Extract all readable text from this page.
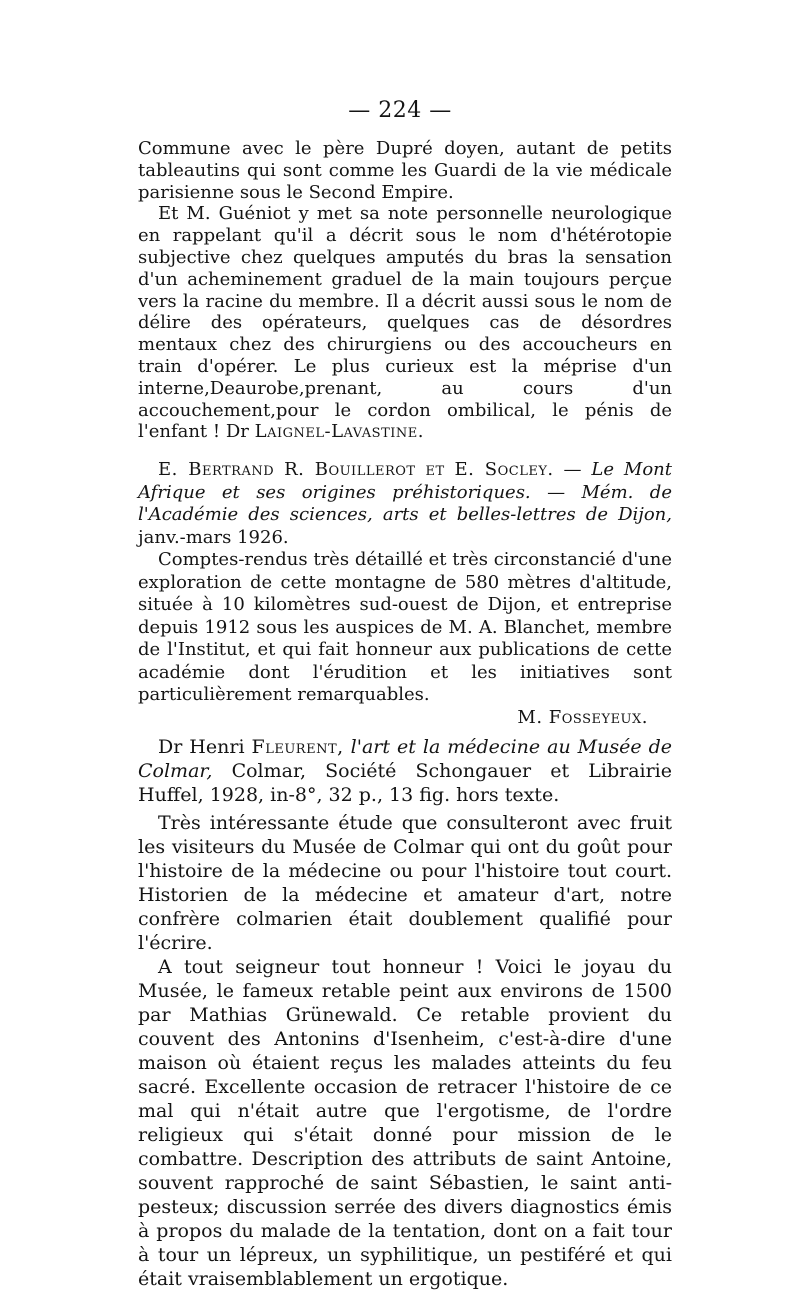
— 224 —

Commune avec le père Dupré doyen, autant de petits tableautins qui sont comme les Guardi de la vie médicale parisienne sous le Second Empire.

Et M. Guéniot y met sa note personnelle neurologique en rappelant qu'il a décrit sous le nom d'hétérotopie subjective chez quelques amputés du bras la sensation d'un acheminement graduel de la main toujours perçue vers la racine du membre. Il a décrit aussi sous le nom de délire des opérateurs, quelques cas de désordres mentaux chez des chirurgiens ou des accoucheurs en train d'opérer. Le plus curieux est la méprise d'un interne,Deaurobe,prenant, au cours d'un accouchement,pour le cordon ombilical, le pénis de l'enfant ! Dr Laignel-Lavastine.

E. Bertrand R. Bouillerot et E. Socley. — Le Mont Afrique et ses origines préhistoriques. — Mém. de l'Académie des sciences, arts et belles-lettres de Dijon, janv.-mars 1926.

Comptes-rendus très détaillé et très circonstancié d'une exploration de cette montagne de 580 mètres d'altitude, située à 10 kilomètres sud-ouest de Dijon, et entreprise depuis 1912 sous les auspices de M. A. Blanchet, membre de l'Institut, et qui fait honneur aux publications de cette académie dont l'érudition et les initiatives sont particulièrement remarquables.

M. Fosseyeux.

Dr Henri Fleurent, l'art et la médecine au Musée de Colmar, Colmar, Société Schongauer et Librairie Huffel, 1928, in-8°, 32 p., 13 fig. hors texte.

Très intéressante étude que consulteront avec fruit les visiteurs du Musée de Colmar qui ont du goût pour l'histoire de la médecine ou pour l'histoire tout court. Historien de la médecine et amateur d'art, notre confrère colmarien était doublement qualifié pour l'écrire.

A tout seigneur tout honneur ! Voici le joyau du Musée, le fameux retable peint aux environs de 1500 par Mathias Grünewald. Ce retable provient du couvent des Antonins d'Isenheim, c'est-à-dire d'une maison où étaient reçus les malades atteints du feu sacré. Excellente occasion de retracer l'histoire de ce mal qui n'était autre que l'ergotisme, de l'ordre religieux qui s'était donné pour mission de le combattre. Description des attributs de saint Antoine, souvent rapproché de saint Sébastien, le saint anti-pesteux; discussion serrée des divers diagnostics émis à propos du malade de la tentation, dont on a fait tour à tour un lépreux, un syphilitique, un pestiféré et qui était vraisemblablement un ergotique.
